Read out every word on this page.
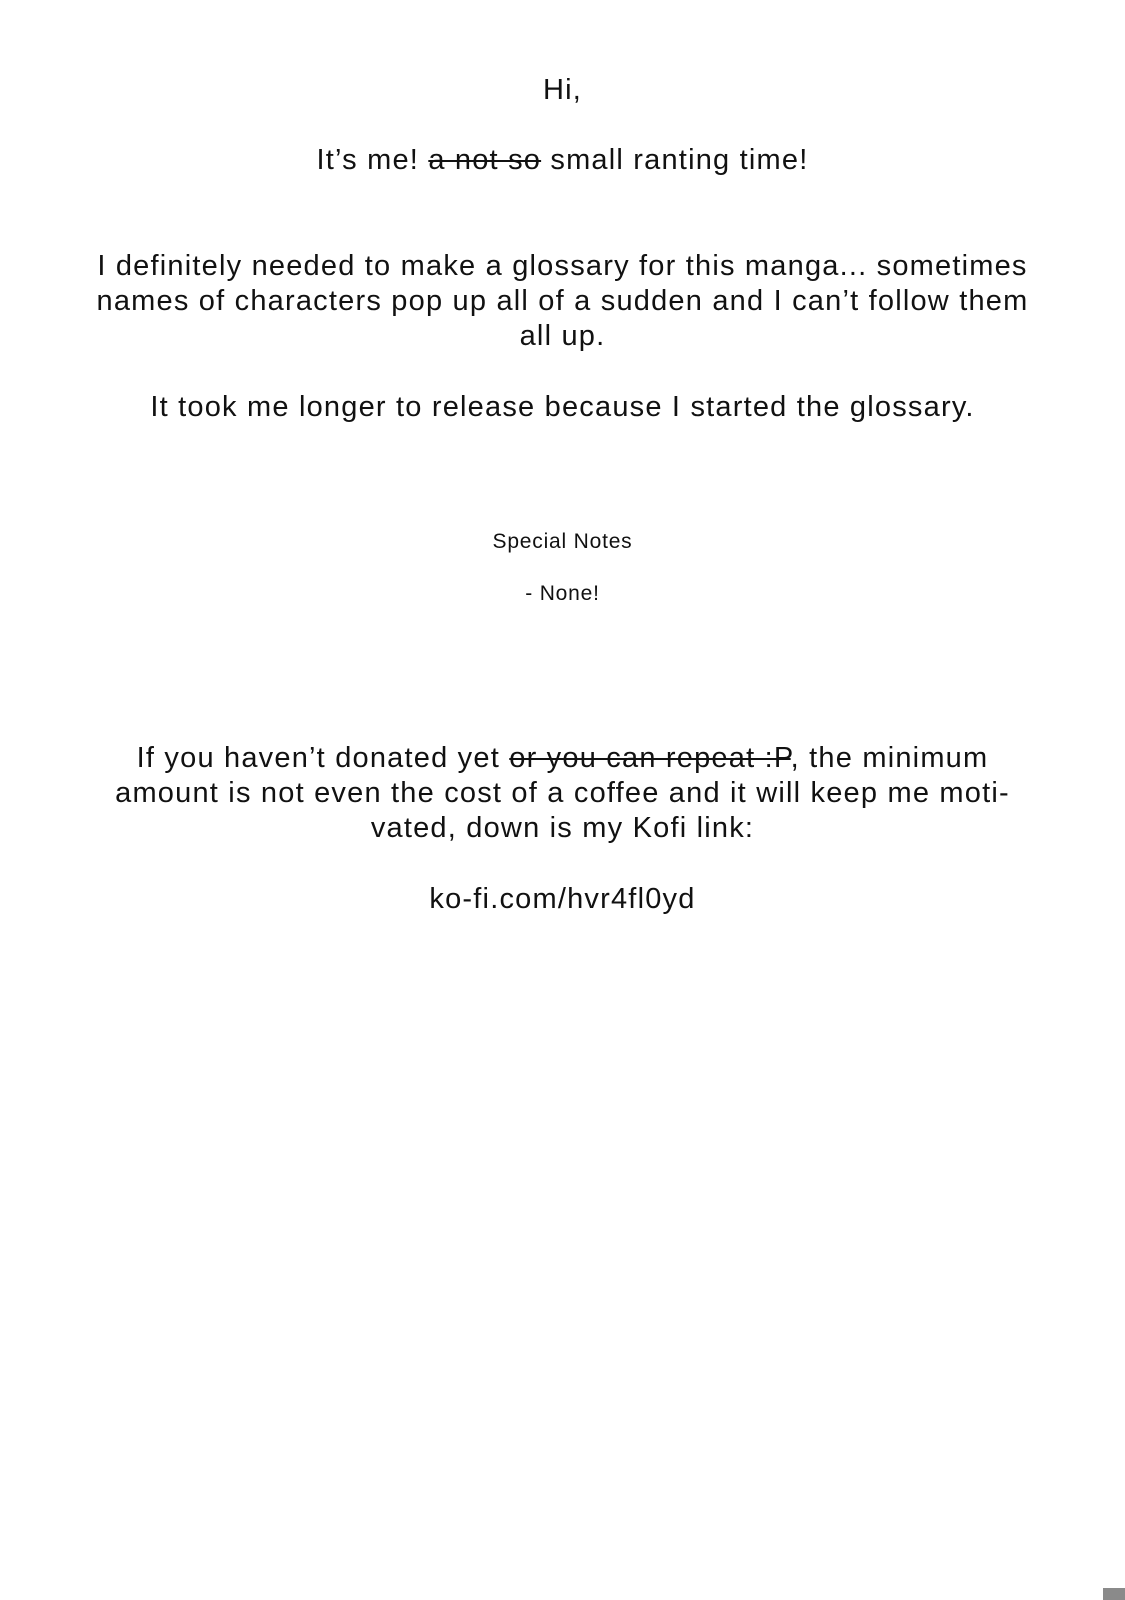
Hi,
It’s me! a not so small ranting time!
I definitely needed to make a glossary for this manga... sometimes
names of characters pop up all of a sudden and I can’t follow them
all up.
It took me longer to release because I started the glossary.
Special Notes
- None!
If you haven’t donated yet or you can repeat :P, the minimum
amount is not even the cost of a coffee and it will keep me moti-
vated, down is my Kofi link:
ko-fi.com/hvr4fl0yd
